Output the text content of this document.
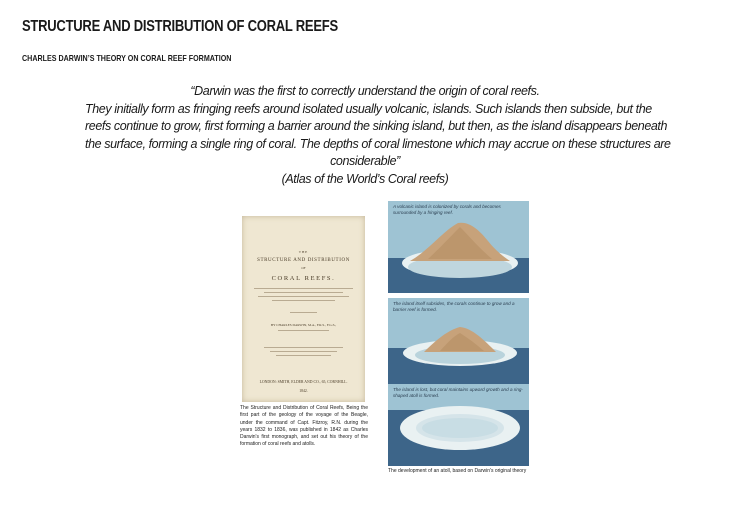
STRUCTURE AND DISTRIBUTION OF CORAL REEFS
CHARLES DARWIN’S THEORY ON CORAL REEF FORMATION
“Darwin was the first to correctly understand the origin of coral reefs.
They initially form as fringing reefs around isolated usually volcanic, islands. Such islands then subside, but the
reefs continue to grow, first forming a barrier around the sinking island, but then, as the island disappears beneath
the surface, forming a single ring of coral. The depths of coral limestone which may accrue on these structures are
considerable”
(Atlas of the World’s Coral reefs)
THE
STRUCTURE AND DISTRIBUTION
OF
CORAL REEFS.
BY CHARLES DARWIN, M.A., F.R.S., F.G.S.,
LONDON: SMITH, ELDER AND CO., 65, CORNHILL.
1842.
The Structure and Distribution of Coral Reefs, Being the first part of the geology of the voyage of the Beagle, under the command of Capt. Fitzroy, R.N. during the years 1832 to 1836, was published in 1842 as Charles Darwin's first monograph, and set out his theory of the formation of coral reefs and atolls.
A volcanic island is colonized by corals and becomes surrounded by a fringing reef.
The island itself subsides, the corals continue to grow and a barrier reef is formed.
The island is lost, but coral maintains upward growth and a ring-shaped atoll is formed.
The development of an atoll, based on Darwin's original theory
